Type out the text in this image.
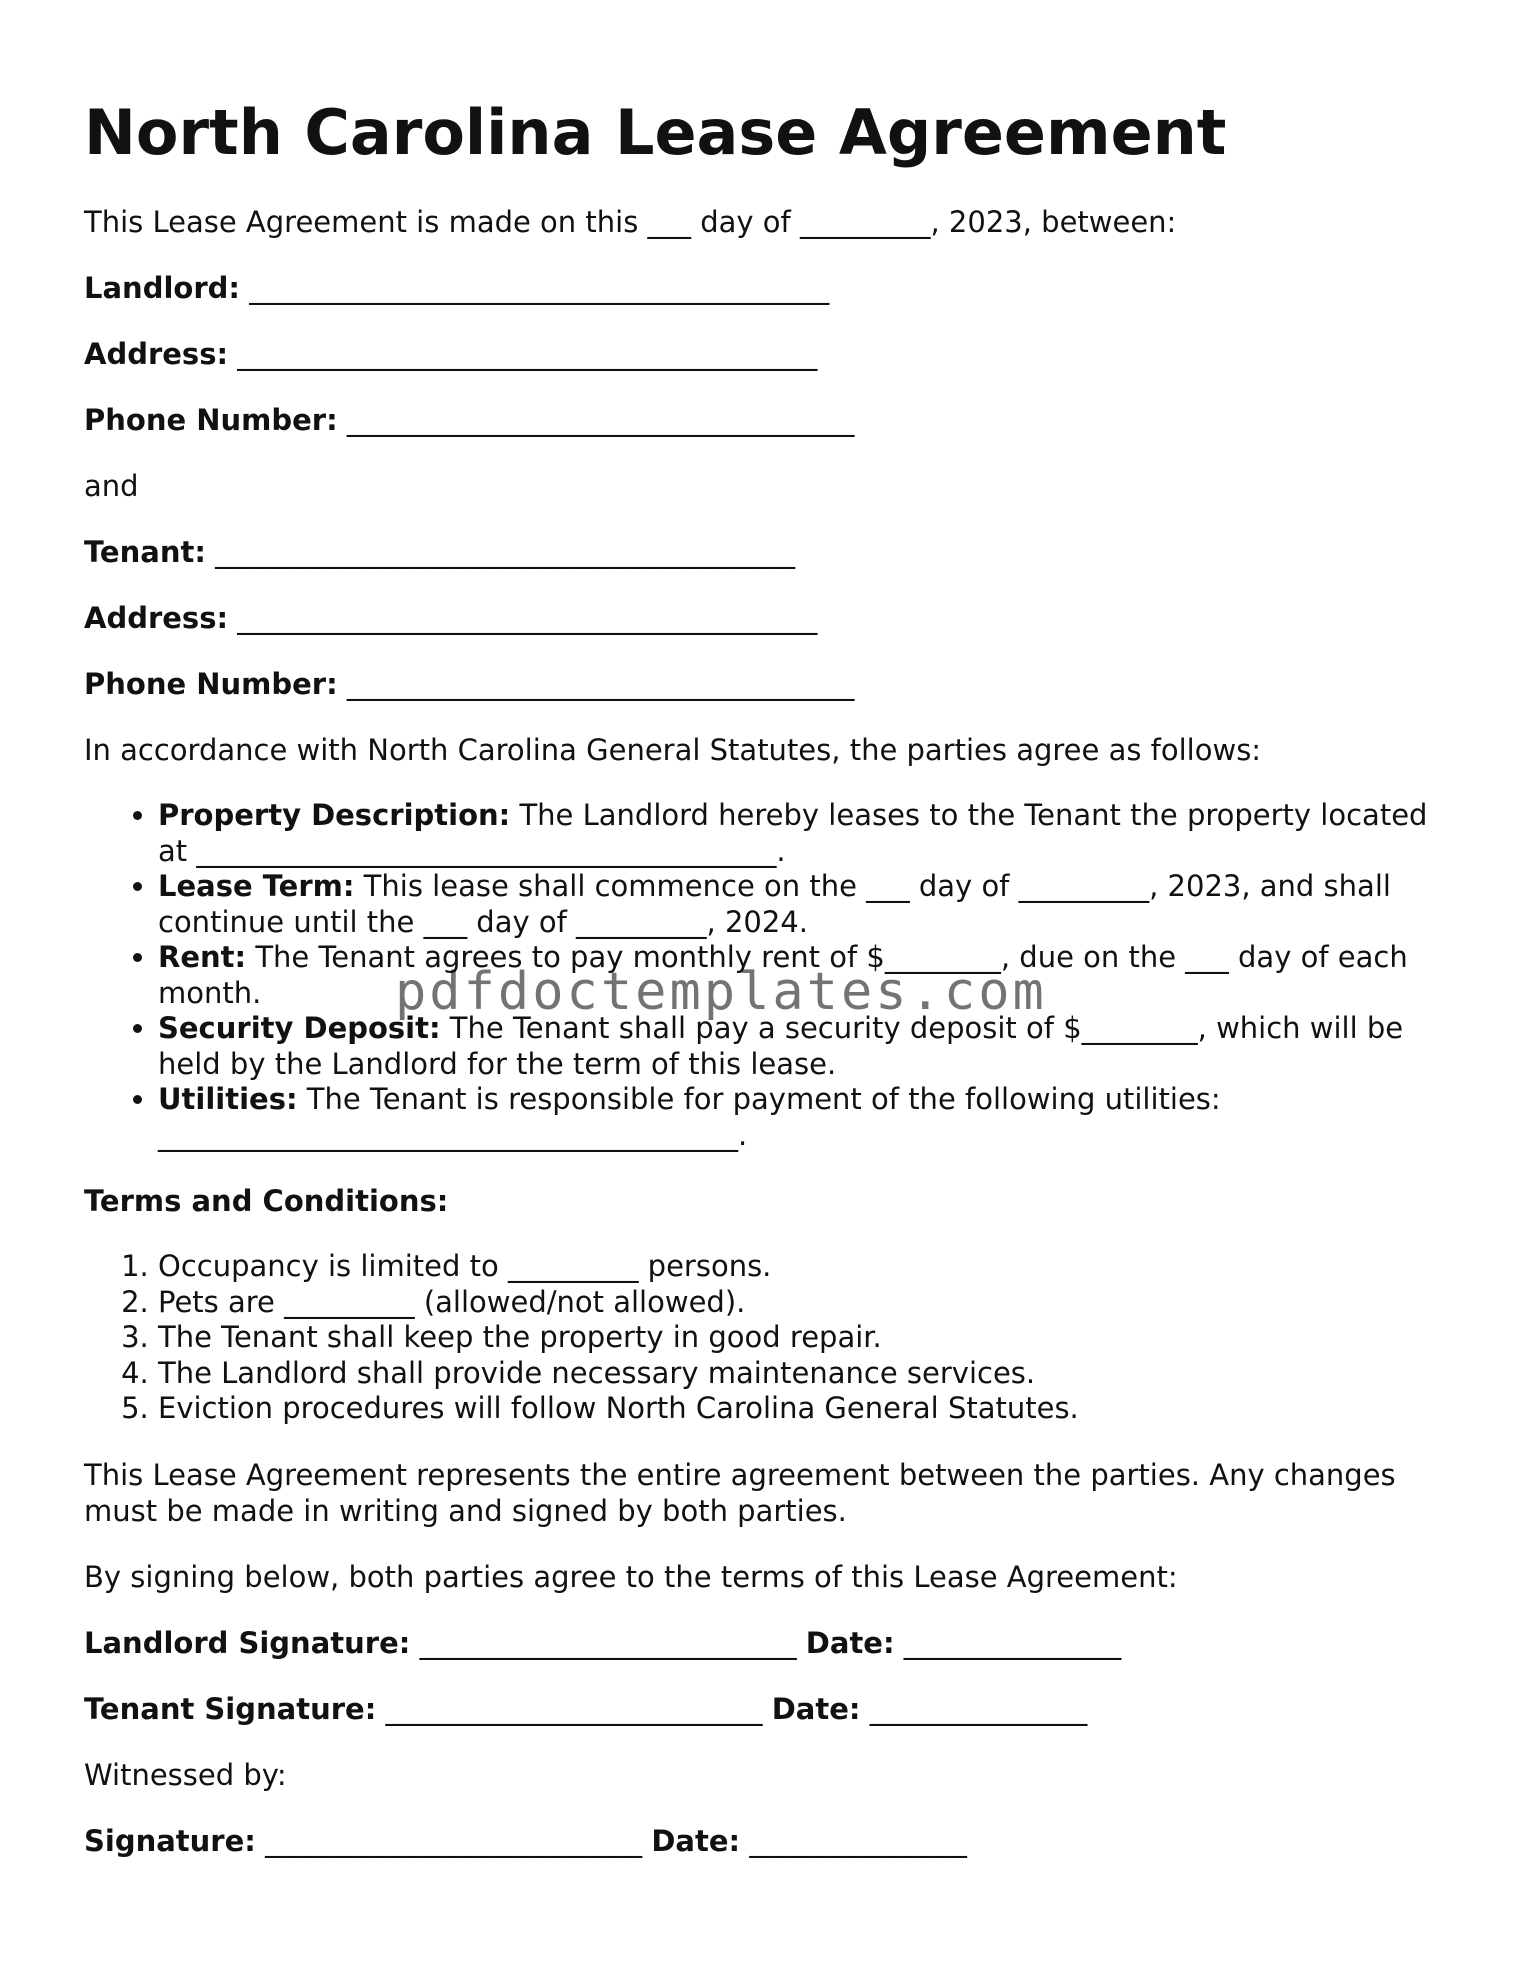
North Carolina Lease Agreement

This Lease Agreement is made on this ___ day of _________, 2023, between:

Landlord: ________________________________________

Address: ________________________________________

Phone Number: ___________________________________

and

Tenant: ________________________________________

Address: ________________________________________

Phone Number: ___________________________________

In accordance with North Carolina General Statutes, the parties agree as follows:

• Property Description: The Landlord hereby leases to the Tenant the property located at ________________________________________.
• Lease Term: This lease shall commence on the ___ day of _________, 2023, and shall continue until the ___ day of _________, 2024.
• Rent: The Tenant agrees to pay monthly rent of $________, due on the ___ day of each month.
• Security Deposit: The Tenant shall pay a security deposit of $________, which will be held by the Landlord for the term of this lease.
• Utilities: The Tenant is responsible for payment of the following utilities: ________________________________________.

Terms and Conditions:

1. Occupancy is limited to _________ persons.
2. Pets are _________ (allowed/not allowed).
3. The Tenant shall keep the property in good repair.
4. The Landlord shall provide necessary maintenance services.
5. Eviction procedures will follow North Carolina General Statutes.

This Lease Agreement represents the entire agreement between the parties. Any changes must be made in writing and signed by both parties.

By signing below, both parties agree to the terms of this Lease Agreement:

Landlord Signature: __________________________ Date: _______________

Tenant Signature: __________________________ Date: _______________

Witnessed by:

Signature: __________________________ Date: _______________

pdfdoctemplates.com
